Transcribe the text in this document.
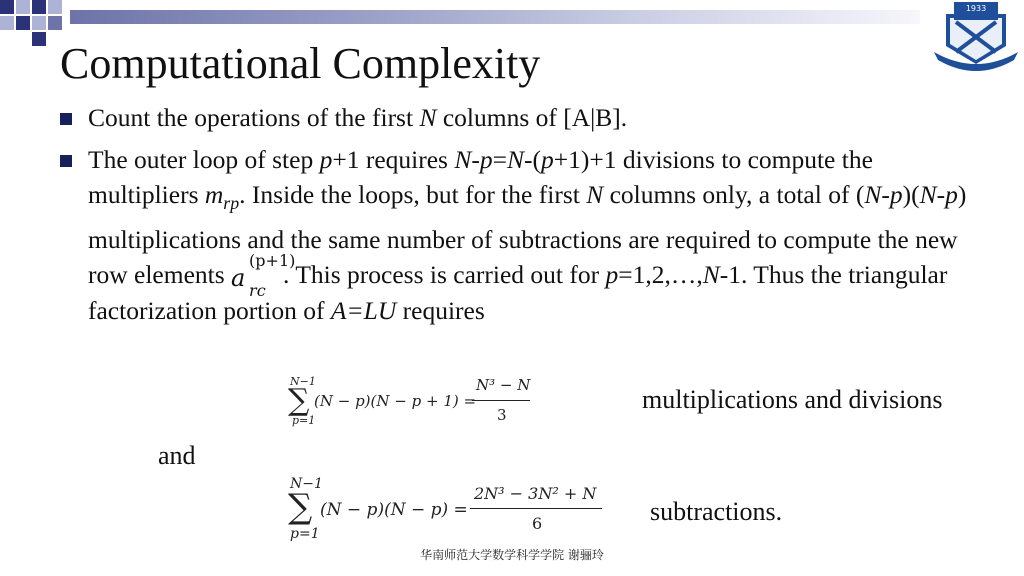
1933
Computational Complexity
Count the operations of the first N columns of [A|B].
The outer loop of step p+1 requires N-p=N-(p+1)+1 divisions to compute the multipliers $m_{rp}$. Inside the loops, but for the first N columns only, a total of (N-p)(N-p) multiplications and the same number of subtractions are required to compute the new row elements a
(p+1)
rc
. This process is carried out for p=1,2,…,N-1. Thus the triangular factorization portion of A=LU requires
N−1
∑
p=1
(N − p)(N − p + 1) =
N³ − N
3
multiplications and divisions
and
N−1
∑
p=1
(N − p)(N − p) =
2N³ − 3N² + N
6	subtractions.
华南师范大学数学科学学院 谢骊玲
